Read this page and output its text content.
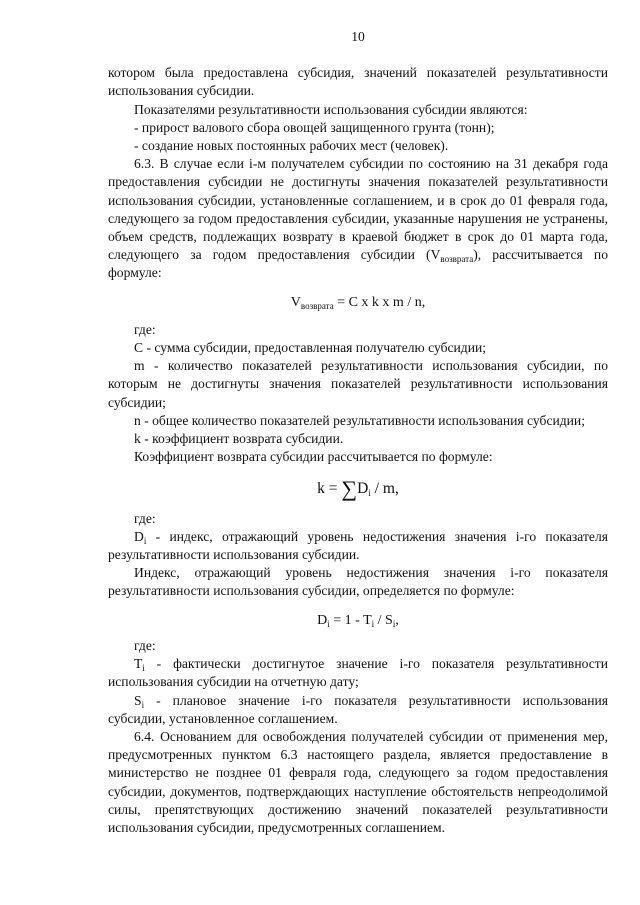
10

котором была предоставлена субсидия, значений показателей результативности использования субсидии.

Показателями результативности использования субсидии являются:

- прирост валового сбора овощей защищенного грунта (тонн);

- создание новых постоянных рабочих мест (человек).

6.3. В случае если i-м получателем субсидии по состоянию на 31 декабря года предоставления субсидии не достигнуты значения показателей результативности использования субсидии, установленные соглашением, и в срок до 01 февраля года, следующего за годом предоставления субсидии, указанные нарушения не устранены, объем средств, подлежащих возврату в краевой бюджет в срок до 01 марта года, следующего за годом предоставления субсидии $(V_{возврата})$, рассчитывается по формуле:

$V_{возврата} = C$ x k x m / n,

где:

С - сумма субсидии, предоставленная получателю субсидии;

m - количество показателей результативности использования субсидии, по которым не достигнуты значения показателей результативности использования субсидии;

n - общее количество показателей результативности использования субсидии;

k - коэффициент возврата субсидии.

Коэффициент возврата субсидии рассчитывается по формуле:

$k = \sum D_i / m$,

где:

$D_i$ - индекс, отражающий уровень недостижения значения i-го показателя результативности использования субсидии.

Индекс, отражающий уровень недостижения значения i-го показателя результативности использования субсидии, определяется по формуле:

$D_i = 1 - T_i / S_i$,

где:

$T_i$ - фактически достигнутое значение i-го показателя результативности использования субсидии на отчетную дату;

$S_i$ - плановое значение i-го показателя результативности использования субсидии, установленное соглашением.

6.4. Основанием для освобождения получателей субсидии от применения мер, предусмотренных пунктом 6.3 настоящего раздела, является предоставление в министерство не позднее 01 февраля года, следующего за годом предоставления субсидии, документов, подтверждающих наступление обстоятельств непреодолимой силы, препятствующих достижению значений показателей результативности использования субсидии, предусмотренных соглашением.
